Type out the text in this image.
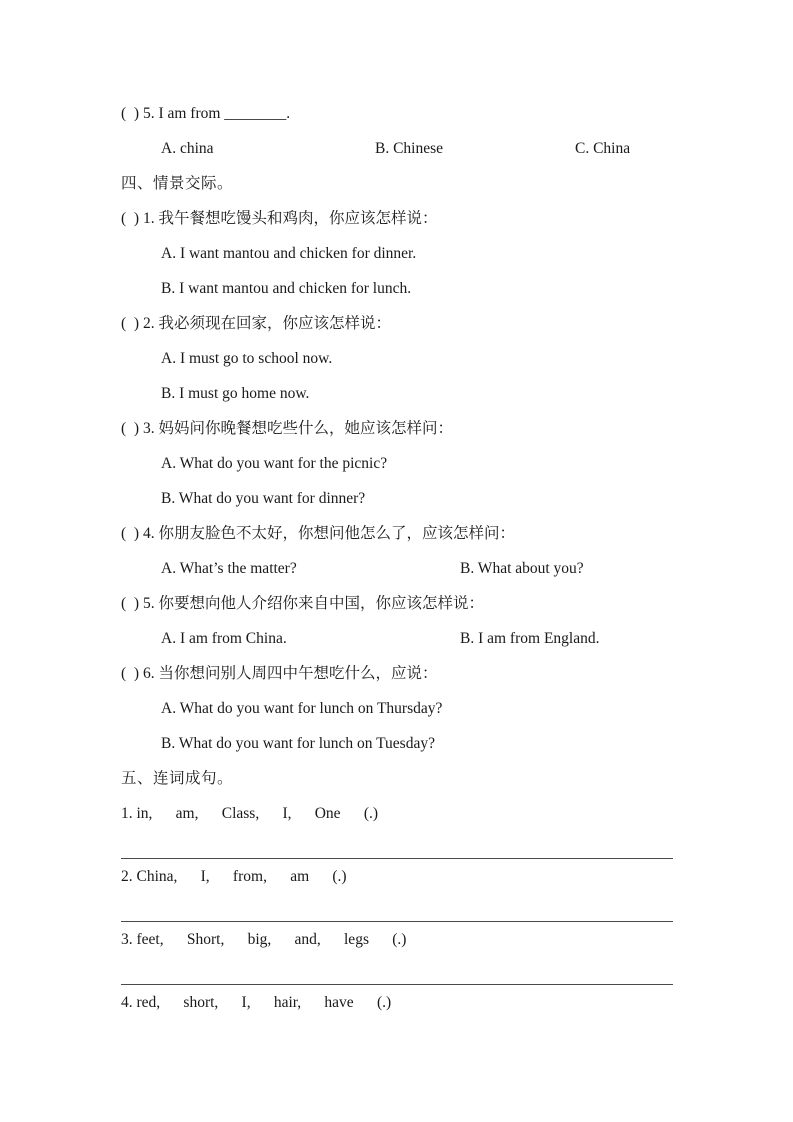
(  ) 5. I am from ________.
A. china	B. Chinese	C. China
四、情景交际。
(  ) 1. 我午餐想吃馒头和鸡肉，你应该怎样说：
A. I want mantou and chicken for dinner.
B. I want mantou and chicken for lunch.
(  ) 2. 我必须现在回家，你应该怎样说：
A. I must go to school now.
B. I must go home now.
(  ) 3. 妈妈问你晚餐想吃些什么，她应该怎样问：
A. What do you want for the picnic?
B. What do you want for dinner?
(  ) 4. 你朋友脸色不太好，你想问他怎么了，应该怎样问：
A. What’s the matter?	B. What about you?
(  ) 5. 你要想向他人介绍你来自中国，你应该怎样说：
A. I am from China.	B. I am from England.
(  ) 6. 当你想问别人周四中午想吃什么，应说：
A. What do you want for lunch on Thursday?
B. What do you want for lunch on Tuesday?
五、连词成句。
1. in,      am,      Class,      I,      One      (.)
2. China,      I,      from,      am      (.)
3. feet,      Short,      big,      and,      legs      (.)
4. red,      short,      I,      hair,      have      (.)
